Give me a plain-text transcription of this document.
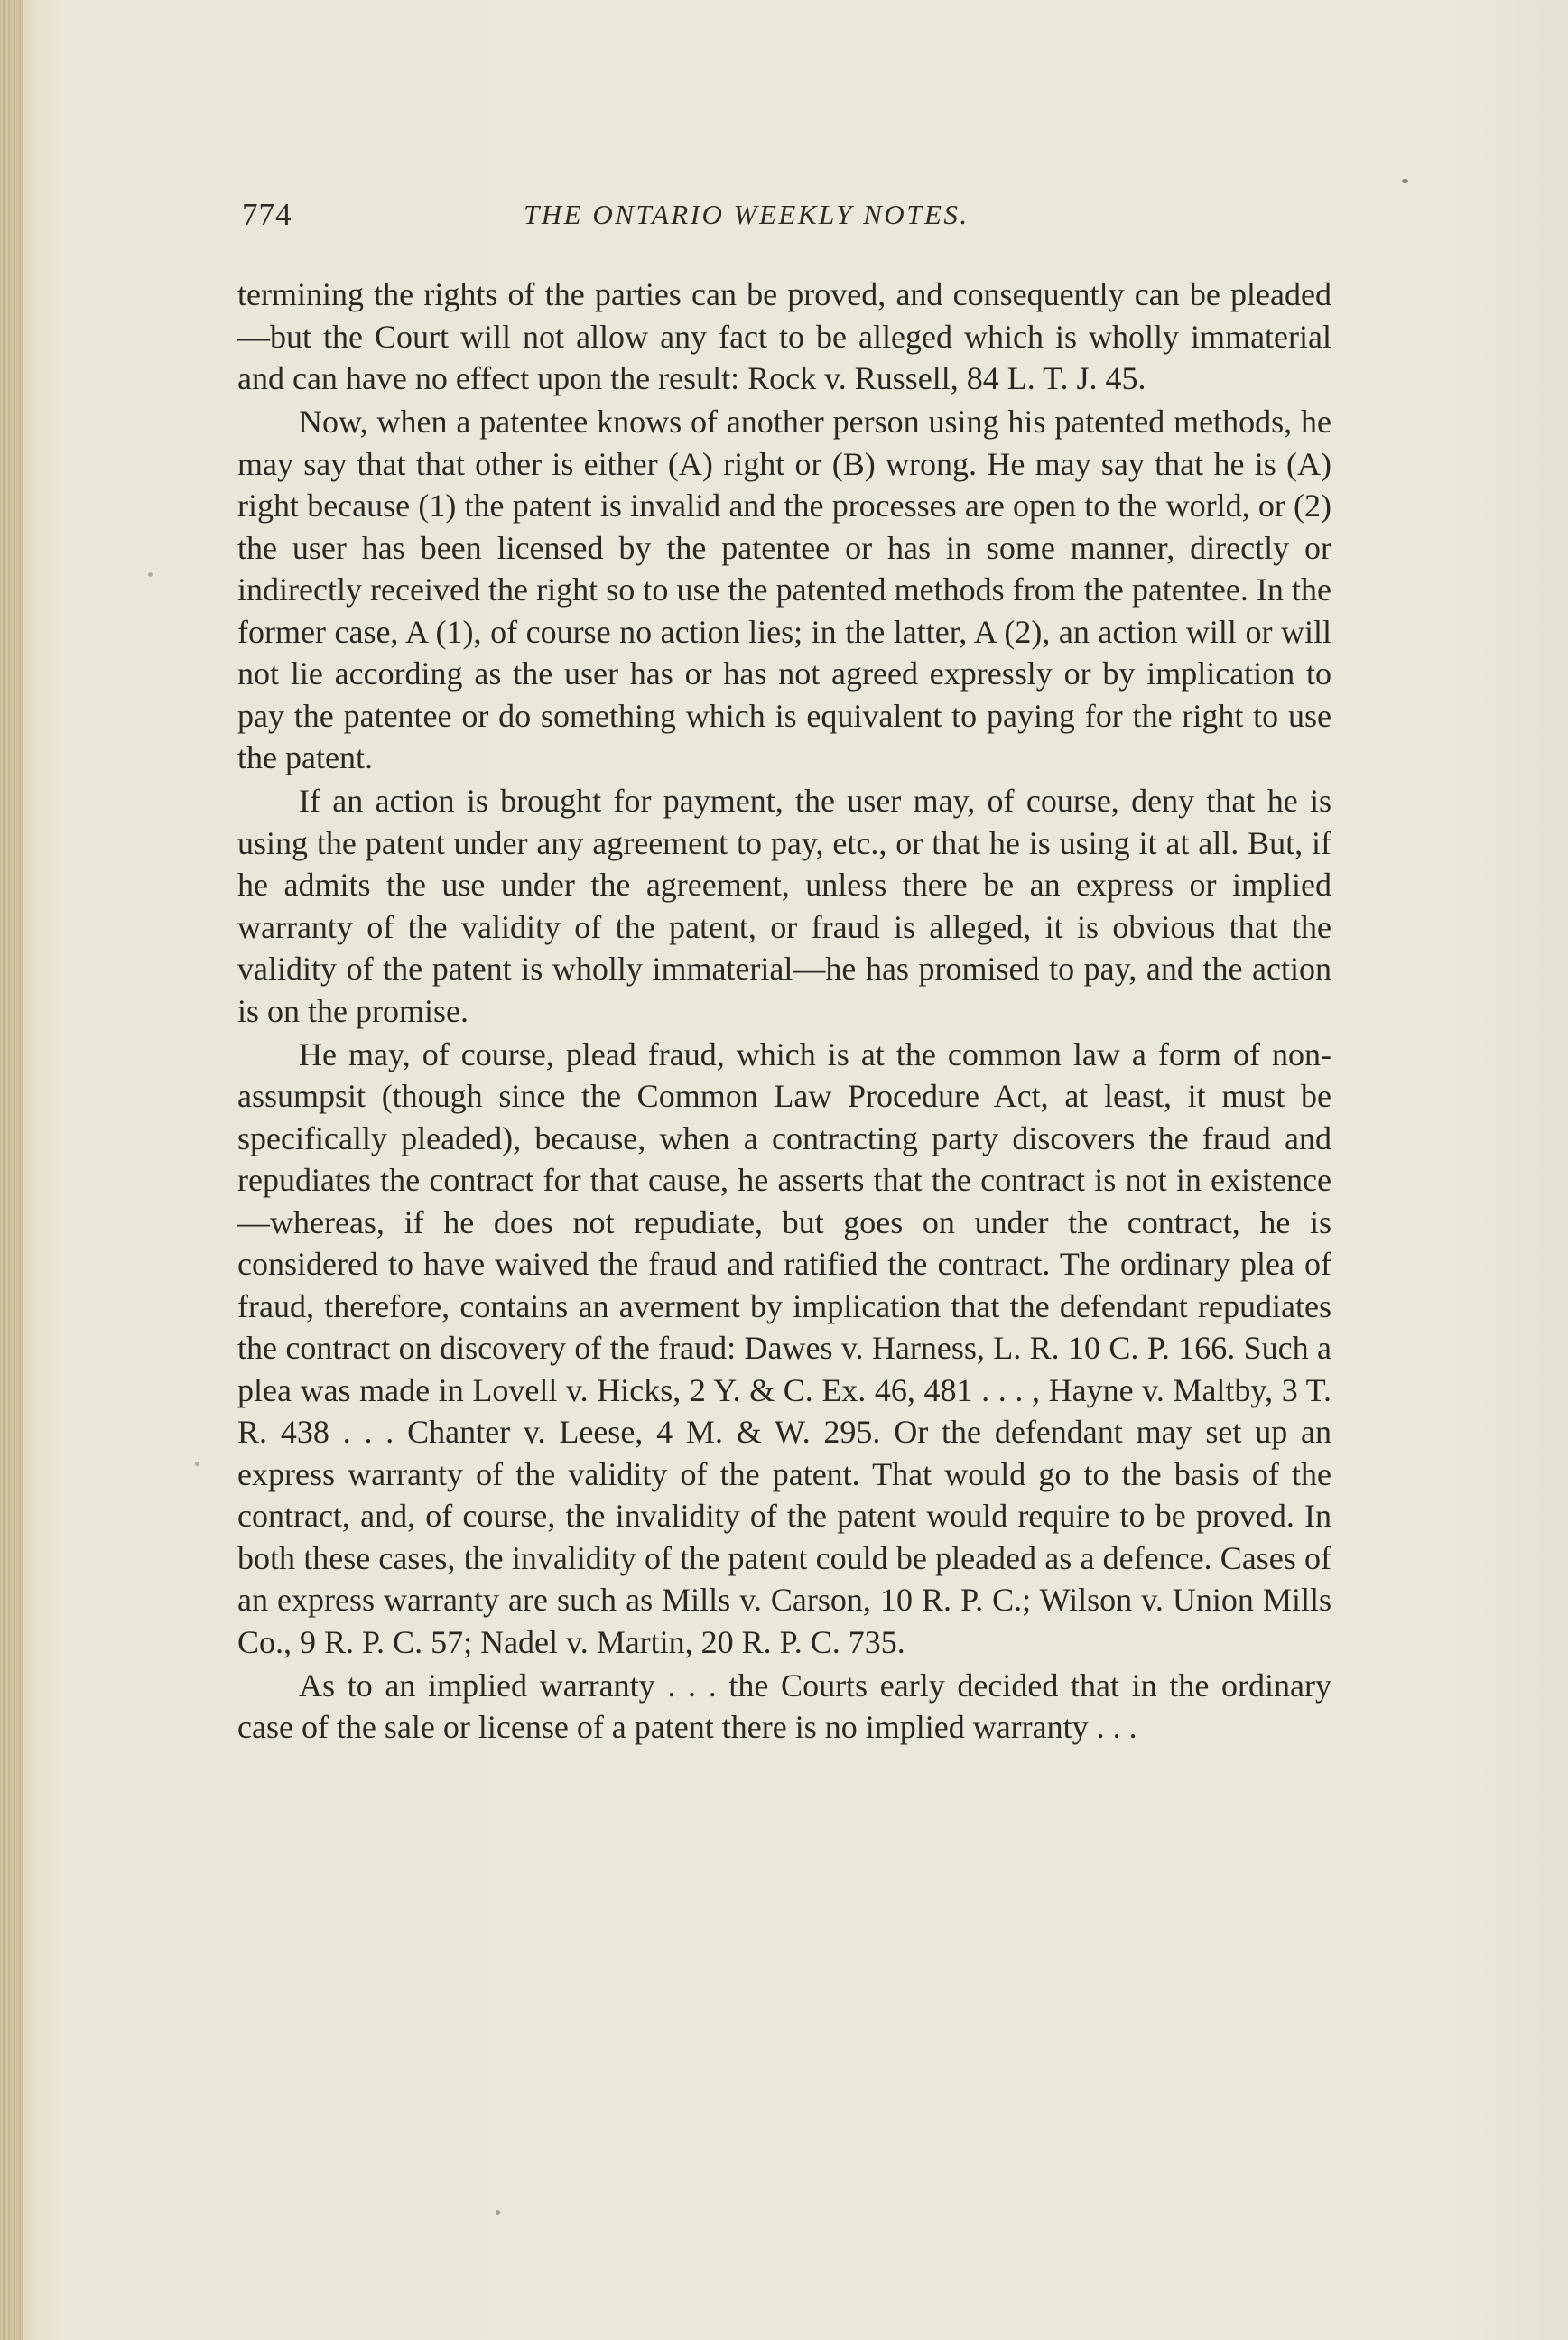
774	THE ONTARIO WEEKLY NOTES.

termining the rights of the parties can be proved, and consequently can be pleaded—but the Court will not allow any fact to be alleged which is wholly immaterial and can have no effect upon the result: Rock v. Russell, 84 L. T. J. 45.

Now, when a patentee knows of another person using his patented methods, he may say that that other is either (A) right or (B) wrong. He may say that he is (A) right because (1) the patent is invalid and the processes are open to the world, or (2) the user has been licensed by the patentee or has in some manner, directly or indirectly received the right so to use the patented methods from the patentee. In the former case, A (1), of course no action lies; in the latter, A (2), an action will or will not lie according as the user has or has not agreed expressly or by implication to pay the patentee or do something which is equivalent to paying for the right to use the patent.

If an action is brought for payment, the user may, of course, deny that he is using the patent under any agreement to pay, etc., or that he is using it at all. But, if he admits the use under the agreement, unless there be an express or implied warranty of the validity of the patent, or fraud is alleged, it is obvious that the validity of the patent is wholly immaterial—he has promised to pay, and the action is on the promise.

He may, of course, plead fraud, which is at the common law a form of non-assumpsit (though since the Common Law Procedure Act, at least, it must be specifically pleaded), because, when a contracting party discovers the fraud and repudiates the contract for that cause, he asserts that the contract is not in existence—whereas, if he does not repudiate, but goes on under the contract, he is considered to have waived the fraud and ratified the contract. The ordinary plea of fraud, therefore, contains an averment by implication that the defendant repudiates the contract on discovery of the fraud: Dawes v. Harness, L. R. 10 C. P. 166. Such a plea was made in Lovell v. Hicks, 2 Y. & C. Ex. 46, 481 . . . , Hayne v. Maltby, 3 T. R. 438 . . . Chanter v. Leese, 4 M. & W. 295. Or the defendant may set up an express warranty of the validity of the patent. That would go to the basis of the contract, and, of course, the invalidity of the patent would require to be proved. In both these cases, the invalidity of the patent could be pleaded as a defence. Cases of an express warranty are such as Mills v. Carson, 10 R. P. C.; Wilson v. Union Mills Co., 9 R. P. C. 57; Nadel v. Martin, 20 R. P. C. 735.

As to an implied warranty . . . the Courts early decided that in the ordinary case of the sale or license of a patent there is no implied warranty . . .
